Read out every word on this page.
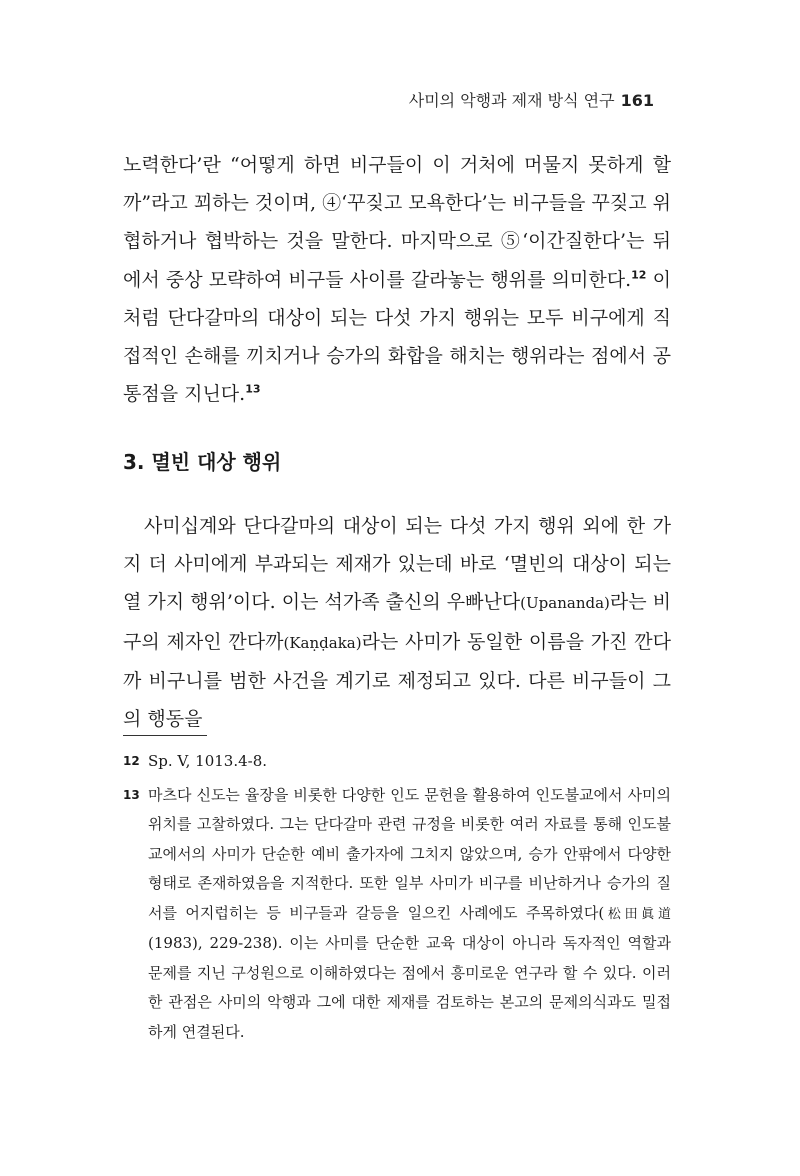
사미의 악행과 제재 방식 연구 161

노력한다’란 “어떻게 하면 비구들이 이 거처에 머물지 못하게 할까”라고 꾀하는 것이며, ④‘꾸짖고 모욕한다’는 비구들을 꾸짖고 위협하거나 협박하는 것을 말한다. 마지막으로 ⑤‘이간질한다’는 뒤에서 중상 모략하여 비구들 사이를 갈라놓는 행위를 의미한다.$^{12}$ 이처럼 단다갈마의 대상이 되는 다섯 가지 행위는 모두 비구에게 직접적인 손해를 끼치거나 승가의 화합을 해치는 행위라는 점에서 공통점을 지닌다.$^{13}$

3. 멸빈 대상 행위

사미십계와 단다갈마의 대상이 되는 다섯 가지 행위 외에 한 가지 더 사미에게 부과되는 제재가 있는데 바로 ‘멸빈의 대상이 되는 열 가지 행위’이다. 이는 석가족 출신의 우빠난다(Upananda)라는 비구의 제자인 깐다까(Kaṇḍaka)라는 사미가 동일한 이름을 가진 깐다까 비구니를 범한 사건을 계기로 제정되고 있다. 다른 비구들이 그의 행동을

12 Sp. V, 1013.4-8.
13 마츠다 신도는 율장을 비롯한 다양한 인도 문헌을 활용하여 인도불교에서 사미의 위치를 고찰하였다. 그는 단다갈마 관련 규정을 비롯한 여러 자료를 통해 인도불교에서의 사미가 단순한 예비 출가자에 그치지 않았으며, 승가 안팎에서 다양한 형태로 존재하였음을 지적한다. 또한 일부 사미가 비구를 비난하거나 승가의 질서를 어지럽히는 등 비구들과 갈등을 일으킨 사례에도 주목하였다(松田眞道 (1983), 229-238). 이는 사미를 단순한 교육 대상이 아니라 독자적인 역할과 문제를 지닌 구성원으로 이해하였다는 점에서 흥미로운 연구라 할 수 있다. 이러한 관점은 사미의 악행과 그에 대한 제재를 검토하는 본고의 문제의식과도 밀접하게 연결된다.
